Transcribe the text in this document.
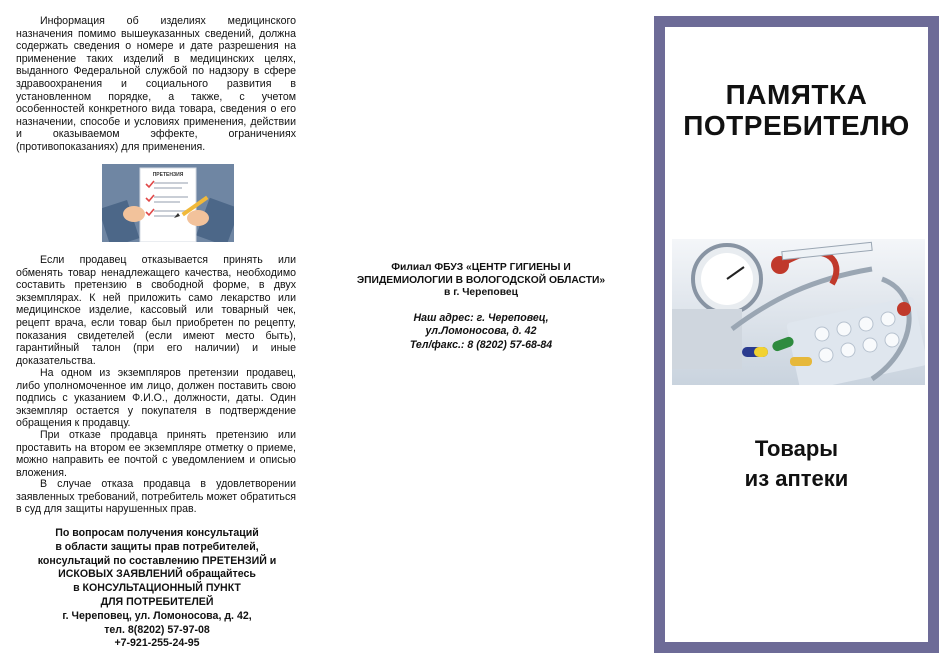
Информация об изделиях медицинского назначения помимо вышеуказанных сведений, должна содержать сведения о номере и дате разрешения на применение таких изделий в медицинских целях, выданного Федеральной службой по надзору в сфере здравоохранения и социального развития в установленном порядке, а также, с учетом особенностей конкретного вида товара, сведения о его назначении, способе и условиях применения, действии и оказываемом эффекте, ограничениях (противопоказаниях) для применения.

ПРЕТЕНЗИЯ

Если продавец отказывается принять или обменять товар ненадлежащего качества, необходимо составить претензию в свободной форме, в двух экземплярах. К ней приложить само лекарство или медицинское изделие, кассовый или товарный чек, рецепт врача, если товар был приобретен по рецепту, показания свидетелей (если имеют место быть), гарантийный талон (при его наличии) и иные доказательства.

На одном из экземпляров претензии продавец, либо уполномоченное им лицо, должен поставить свою подпись с указанием Ф.И.О., должности, даты. Один экземпляр остается у покупателя в подтверждение обращения к продавцу.

При отказе продавца принять претензию или проставить на втором ее экземпляре отметку о приеме, можно направить ее почтой с уведомлением и описью вложения.

В случае отказа продавца в удовлетворении заявленных требований, потребитель может обратиться в суд для защиты нарушенных прав.

По вопросам получения консультаций
в области защиты прав потребителей,
консультаций по составлению ПРЕТЕНЗИЙ и
ИСКОВЫХ ЗАЯВЛЕНИЙ обращайтесь
в КОНСУЛЬТАЦИОННЫЙ ПУНКТ
ДЛЯ ПОТРЕБИТЕЛЕЙ
г. Череповец, ул. Ломоносова, д. 42,
тел. 8(8202) 57-97-08
+7-921-255-24-95
Филиал ФБУЗ «ЦЕНТР ГИГИЕНЫ И
ЭПИДЕМИОЛОГИИ В ВОЛОГОДСКОЙ ОБЛАСТИ»
в г. Череповец
Наш адрес: г. Череповец,
ул.Ломоносова, д. 42
Тел/факс.: 8 (8202) 57-68-84
ПАМЯТКА
ПОТРЕБИТЕЛЮ
Товары
из аптеки
